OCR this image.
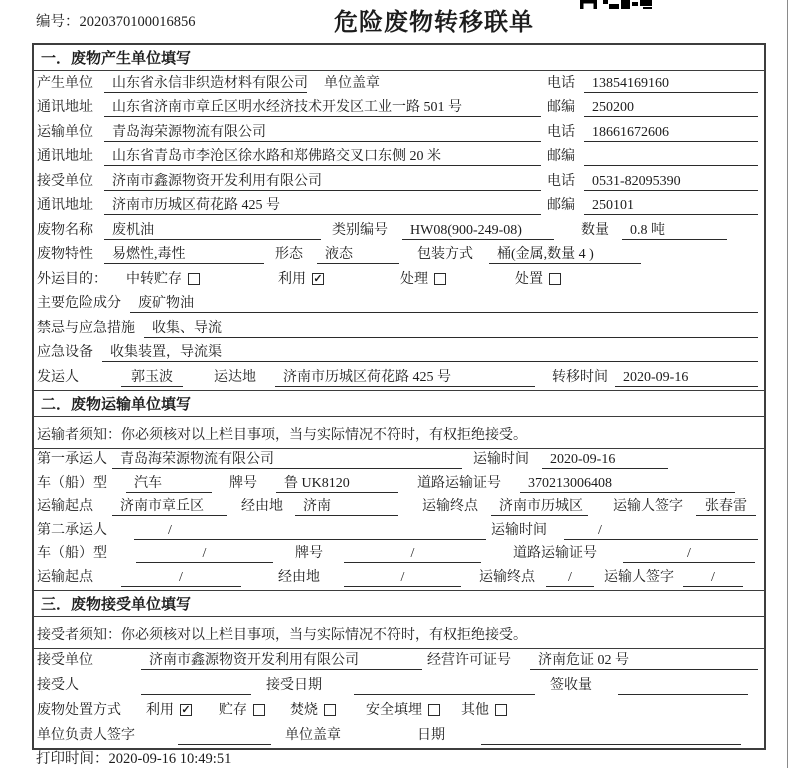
编号：2020370100016856	危险废物转移联单
一．废物产生单位填写
产生单位	山东省永信非织造材料有限公司 单位盖章	电话	13854169160
通讯地址	山东省济南市章丘区明水经济技术开发区工业一路 501 号	邮编	250200
运输单位	青岛海荣源物流有限公司	电话	18661672606
通讯地址	山东省青岛市李沧区徐水路和郑佛路交叉口东侧 20 米	邮编
接受单位	济南市鑫源物资开发利用有限公司	电话	0531-82095390
通讯地址	济南市历城区荷花路 425 号	邮编	250101
废物名称	废机油	类别编号	HW08(900-249-08)	数量	0.8 吨
废物特性	易燃性,毒性	形态	液态	包装方式	桶(金属,数量 4 )
外运目的： 中转贮存	利用 ✓	处理	处置
主要危险成分	废矿物油
禁忌与应急措施	收集、导流
应急设备	收集装置，导流渠
发运人	郭玉波	运达地	济南市历城区荷花路 425 号	转移时间	2020-09-16
二．废物运输单位填写
运输者须知：你必须核对以上栏目事项，当与实际情况不符时，有权拒绝接受。
第一承运人 青岛海荣源物流有限公司	运输时间	2020-09-16
车（船）型	汽车	牌号	鲁 UK8120	道路运输证号	370213006408
运输起点	济南市章丘区	经由地	济南	运输终点	济南市历城区	运输人签字	张春雷
第二承运人	/	运输时间	/
车（船）型	/	牌号	/	道路运输证号	/
运输起点	/	经由地	/	运输终点	/	运输人签字	/
三．废物接受单位填写
接受者须知：你必须核对以上栏目事项，当与实际情况不符时，有权拒绝接受。
接受单位	济南市鑫源物资开发利用有限公司	经营许可证号	济南危证 02 号
接受人	接受日期	签收量
废物处置方式 利用 ✓ 贮存	焚烧	安全填埋	其他
单位负责人签字	单位盖章	日期
打印时间：2020-09-16 10:49:51
